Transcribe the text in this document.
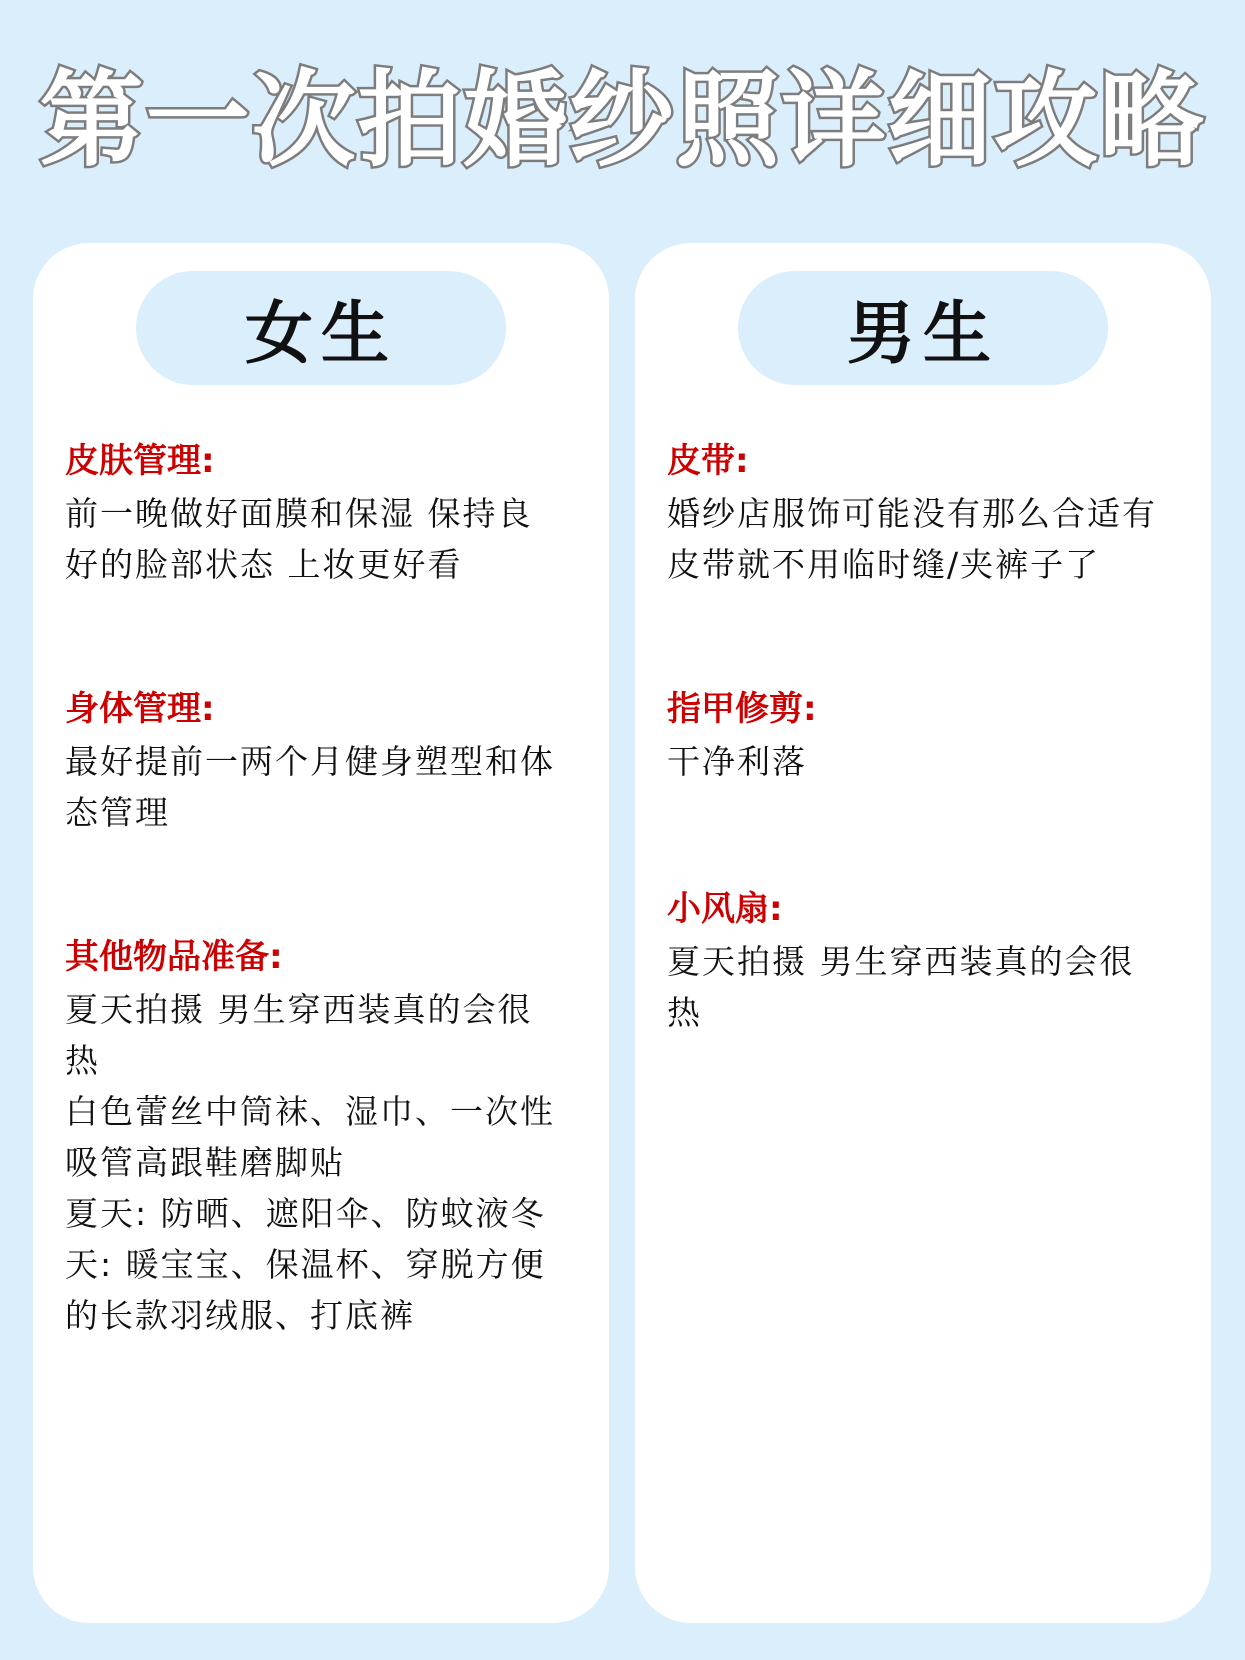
第一次拍婚纱照详细攻略
女生
皮肤管理:
前一晚做好面膜和保湿 保持良
好的脸部状态 上妆更好看
身体管理:
最好提前一两个月健身塑型和体
态管理
其他物品准备:
夏天拍摄 男生穿西装真的会很
热
白色蕾丝中筒袜、湿巾、一次性
吸管高跟鞋磨脚贴
夏天: 防晒、遮阳伞、防蚊液冬
天: 暖宝宝、保温杯、穿脱方便
的长款羽绒服、打底裤
男生
皮带:
婚纱店服饰可能没有那么合适有
皮带就不用临时缝/夹裤子了
指甲修剪:
干净利落
小风扇:
夏天拍摄 男生穿西装真的会很
热
